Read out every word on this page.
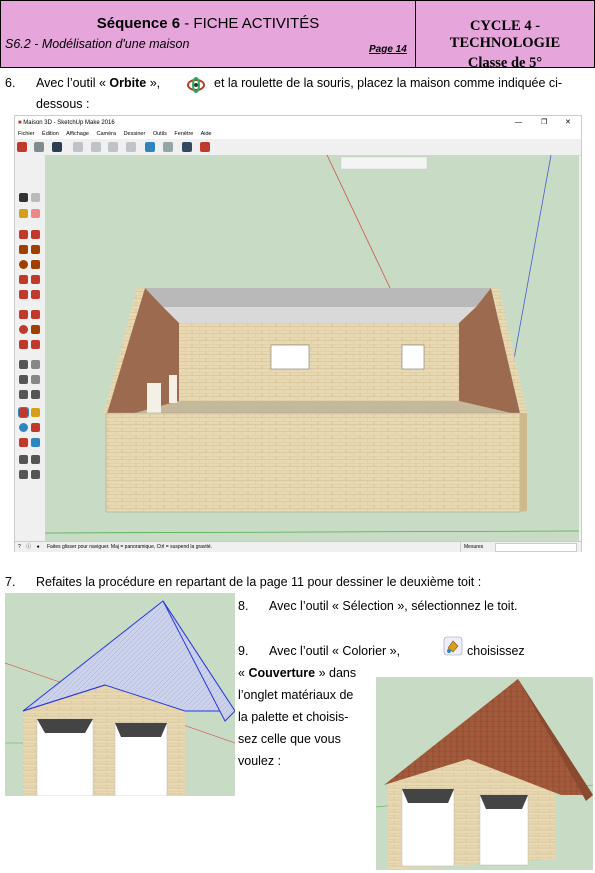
Séquence 6 - FICHE ACTIVITÉS
S6.2 - Modélisation d'une maison	Page 14
CYCLE 4 - TECHNOLOGIE
Classe de 5°
6. Avec l’outil « Orbite »,	et la roulette de la souris, placez la maison comme indiquée ci-
dessous :
■ Maison 3D - SketchUp Make 2016	—	❐	✕
Fichier Édition Affichage Caméra Dessiner Outils Fenêtre Aide

? ⓘ ● Faites glisser pour naviguer. Maj = panoramique, Ctrl = suspend la gravité.	Mesures
7. Refaites la procédure en repartant de la page 11 pour dessiner le deuxième toit :
8. Avec l’outil « Sélection », sélectionnez le toit.
9. Avec l’outil « Colorier »,	choisissez
« Couverture » dans
l’onglet matériaux de
la palette et choisis-
sez celle que vous
voulez :
